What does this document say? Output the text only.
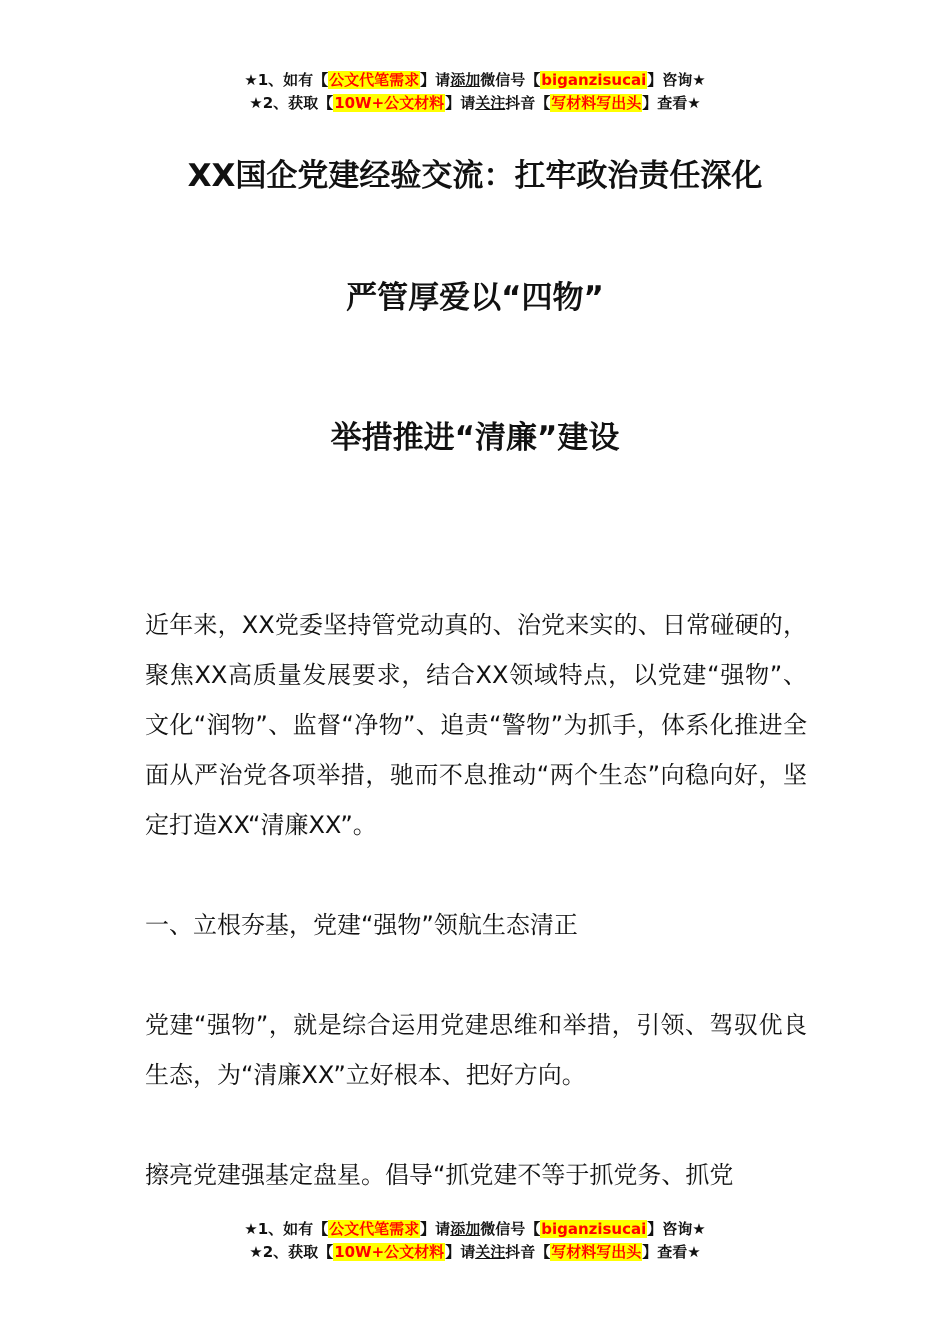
★1、如有【公文代笔需求】请添加微信号【biganzisucai】咨询★
★2、获取【10W+公文材料】请关注抖音【写材料写出头】查看★
XX国企党建经验交流：扛牢政治责任深化
严管厚爱以“四物”
举措推进“清廉”建设

近年来，XX党委坚持管党动真的、治党来实的、日常碰硬的，聚焦XX高质量发展要求，结合XX领域特点，以党建“强物”、文化“润物”、监督“净物”、追责“警物”为抓手，体系化推进全面从严治党各项举措，驰而不息推动“两个生态”向稳向好，坚定打造XX“清廉XX”。

一、立根夯基，党建“强物”领航生态清正

党建“强物”，就是综合运用党建思维和举措，引领、驾驭优良生态，为“清廉XX”立好根本、把好方向。

擦亮党建强基定盘星。倡导“抓党建不等于抓党务、抓党

★1、如有【公文代笔需求】请添加微信号【biganzisucai】咨询★
★2、获取【10W+公文材料】请关注抖音【写材料写出头】查看★
